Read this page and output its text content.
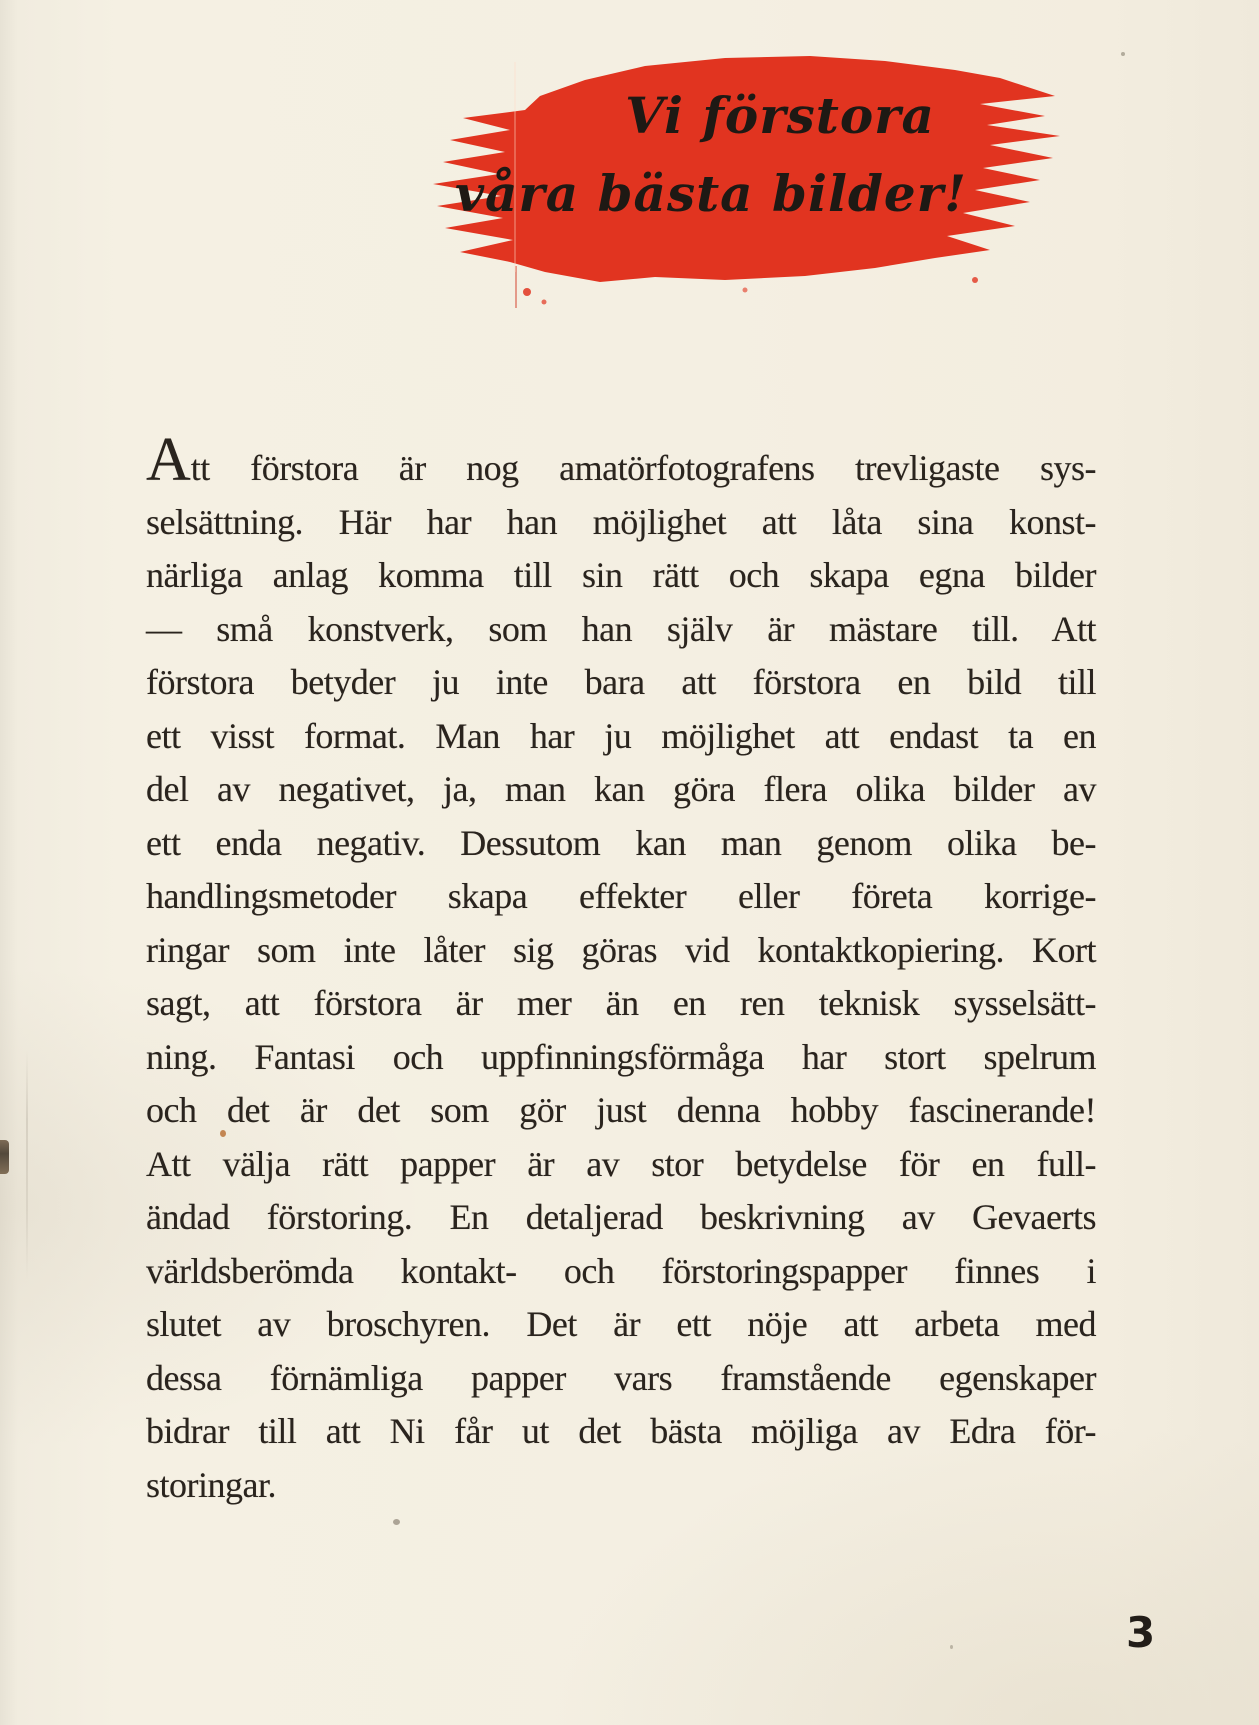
Vi förstora
våra bästa bilder!
Att förstora är nog amatörfotografens trevligaste sys-
selsättning. Här har han möjlighet att låta sina konst-
närliga anlag komma till sin rätt och skapa egna bilder
— små konstverk, som han själv är mästare till. Att
förstora betyder ju inte bara att förstora en bild till
ett visst format. Man har ju möjlighet att endast ta en
del av negativet, ja, man kan göra flera olika bilder av
ett enda negativ. Dessutom kan man genom olika be-
handlingsmetoder skapa effekter eller företa korrige-
ringar som inte låter sig göras vid kontaktkopiering. Kort
sagt, att förstora är mer än en ren teknisk sysselsätt-
ning. Fantasi och uppfinningsförmåga har stort spelrum
och det är det som gör just denna hobby fascinerande!
Att välja rätt papper är av stor betydelse för en full-
ändad förstoring. En detaljerad beskrivning av Gevaerts
världsberömda kontakt- och förstoringspapper finnes i
slutet av broschyren. Det är ett nöje att arbeta med
dessa förnämliga papper vars framstående egenskaper
bidrar till att Ni får ut det bästa möjliga av Edra för-
storingar.
3
